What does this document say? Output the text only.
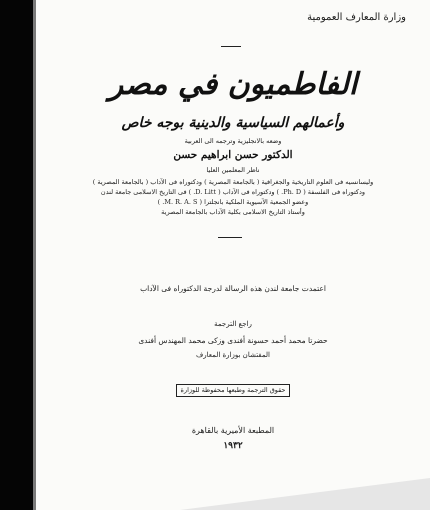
وزارة المعارف العمومية
الفاطميون في مصر
وأعمالهم السياسية والدينية بوجه خاص
وضعه بالانجليزية وترجمه الى العربية
الدكتور حسن ابراهيم حسن
ناظر المعلمين العليا
وليسانسيه فى العلوم التاريخية والجغرافية ( بالجامعة المصرية ) ودكتوراه فى الآداب ( بالجامعة المصرية )
ودكتوراه فى الفلسفة ( Ph. D. ) ودكتوراه فى الآداب ( D. Litt. ) فى التاريخ الاسلامى جامعة لندن
وعضو الجمعية الآسيوية الملكية بانجلترا ( M. R. A. S. )
وأستاذ التاريخ الاسلامى بكلية الآداب بالجامعة المصرية
اعتمدت جامعة لندن هذه الرسالة لدرجة الدكتوراه فى الآداب
راجع الترجمة
حضرتا محمد أحمد حسونة أفندى وزكى محمد المهندس أفندى
المفتشان بوزارة المعارف
حقوق الترجمة وطبعها محفوظة للوزارة
المطبعة الأميرية بالقاهرة
١٩٣٢
